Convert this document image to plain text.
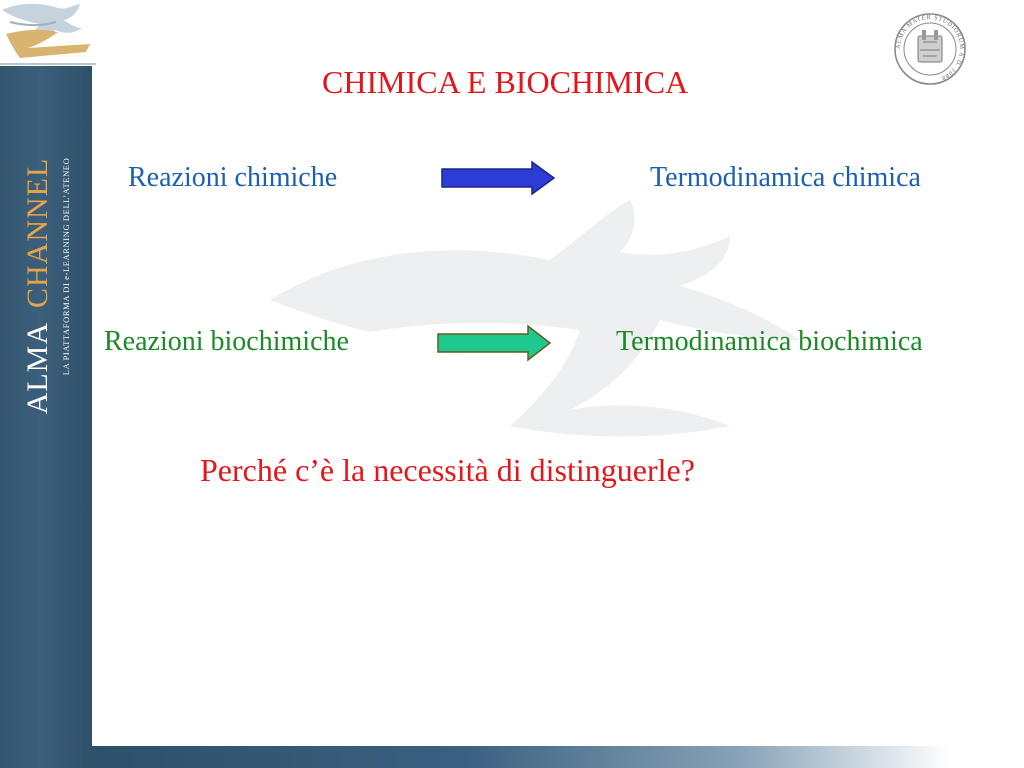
ALMA
CHANNEL LA PIATTAFORMA DI e-LEARNING DELL’ATENEO
ALMA MATER STUDIORUM A.D. 1088
CHIMICA E BIOCHIMICA
Reazioni chimiche	Termodinamica chimica
Reazioni biochimiche	Termodinamica biochimica
Perché c’è la necessità di distinguerle?
